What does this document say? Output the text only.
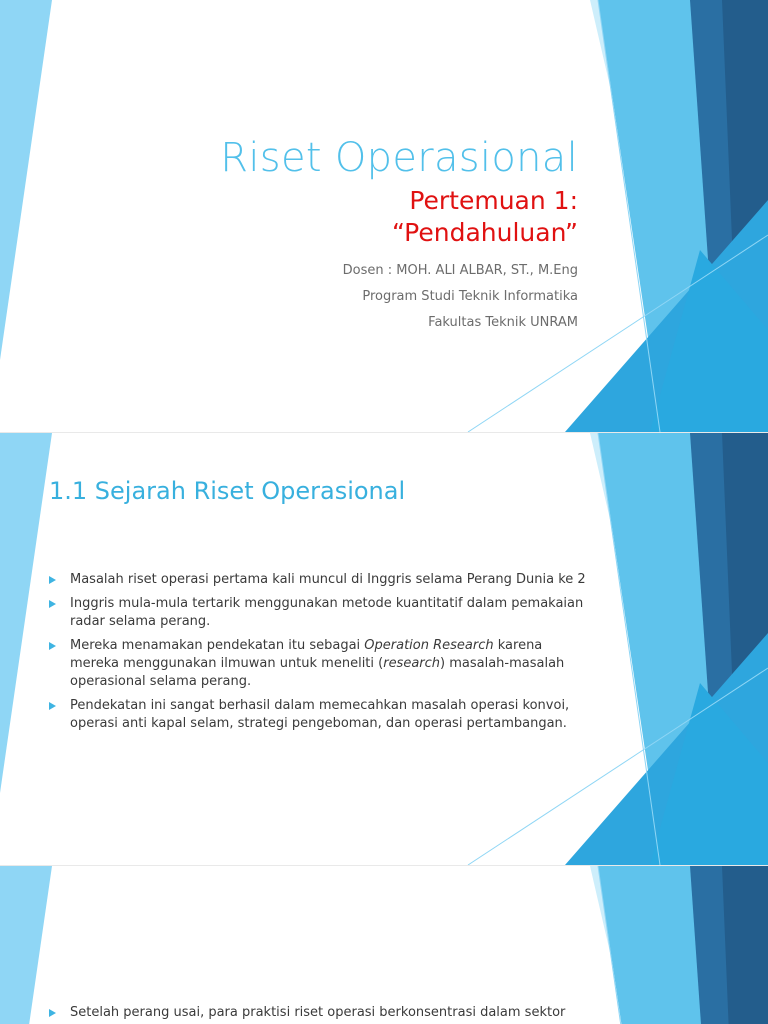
Riset Operasional
Pertemuan 1:
“Pendahuluan”
Dosen : MOH. ALI ALBAR, ST., M.Eng
Program Studi Teknik Informatika
Fakultas Teknik UNRAM
1.1 Sejarah Riset Operasional
Masalah riset operasi pertama kali muncul di Inggris selama Perang Dunia ke 2
Inggris mula-mula tertarik menggunakan metode kuantitatif dalam pemakaian radar selama perang.
Mereka menamakan pendekatan itu sebagai Operation Research karena mereka menggunakan ilmuwan untuk meneliti (research) masalah-masalah operasional selama perang.
Pendekatan ini sangat berhasil dalam memecahkan masalah operasi konvoi, operasi anti kapal selam, strategi pengeboman, dan operasi pertambangan.
Setelah perang usai, para praktisi riset operasi berkonsentrasi dalam sektor
